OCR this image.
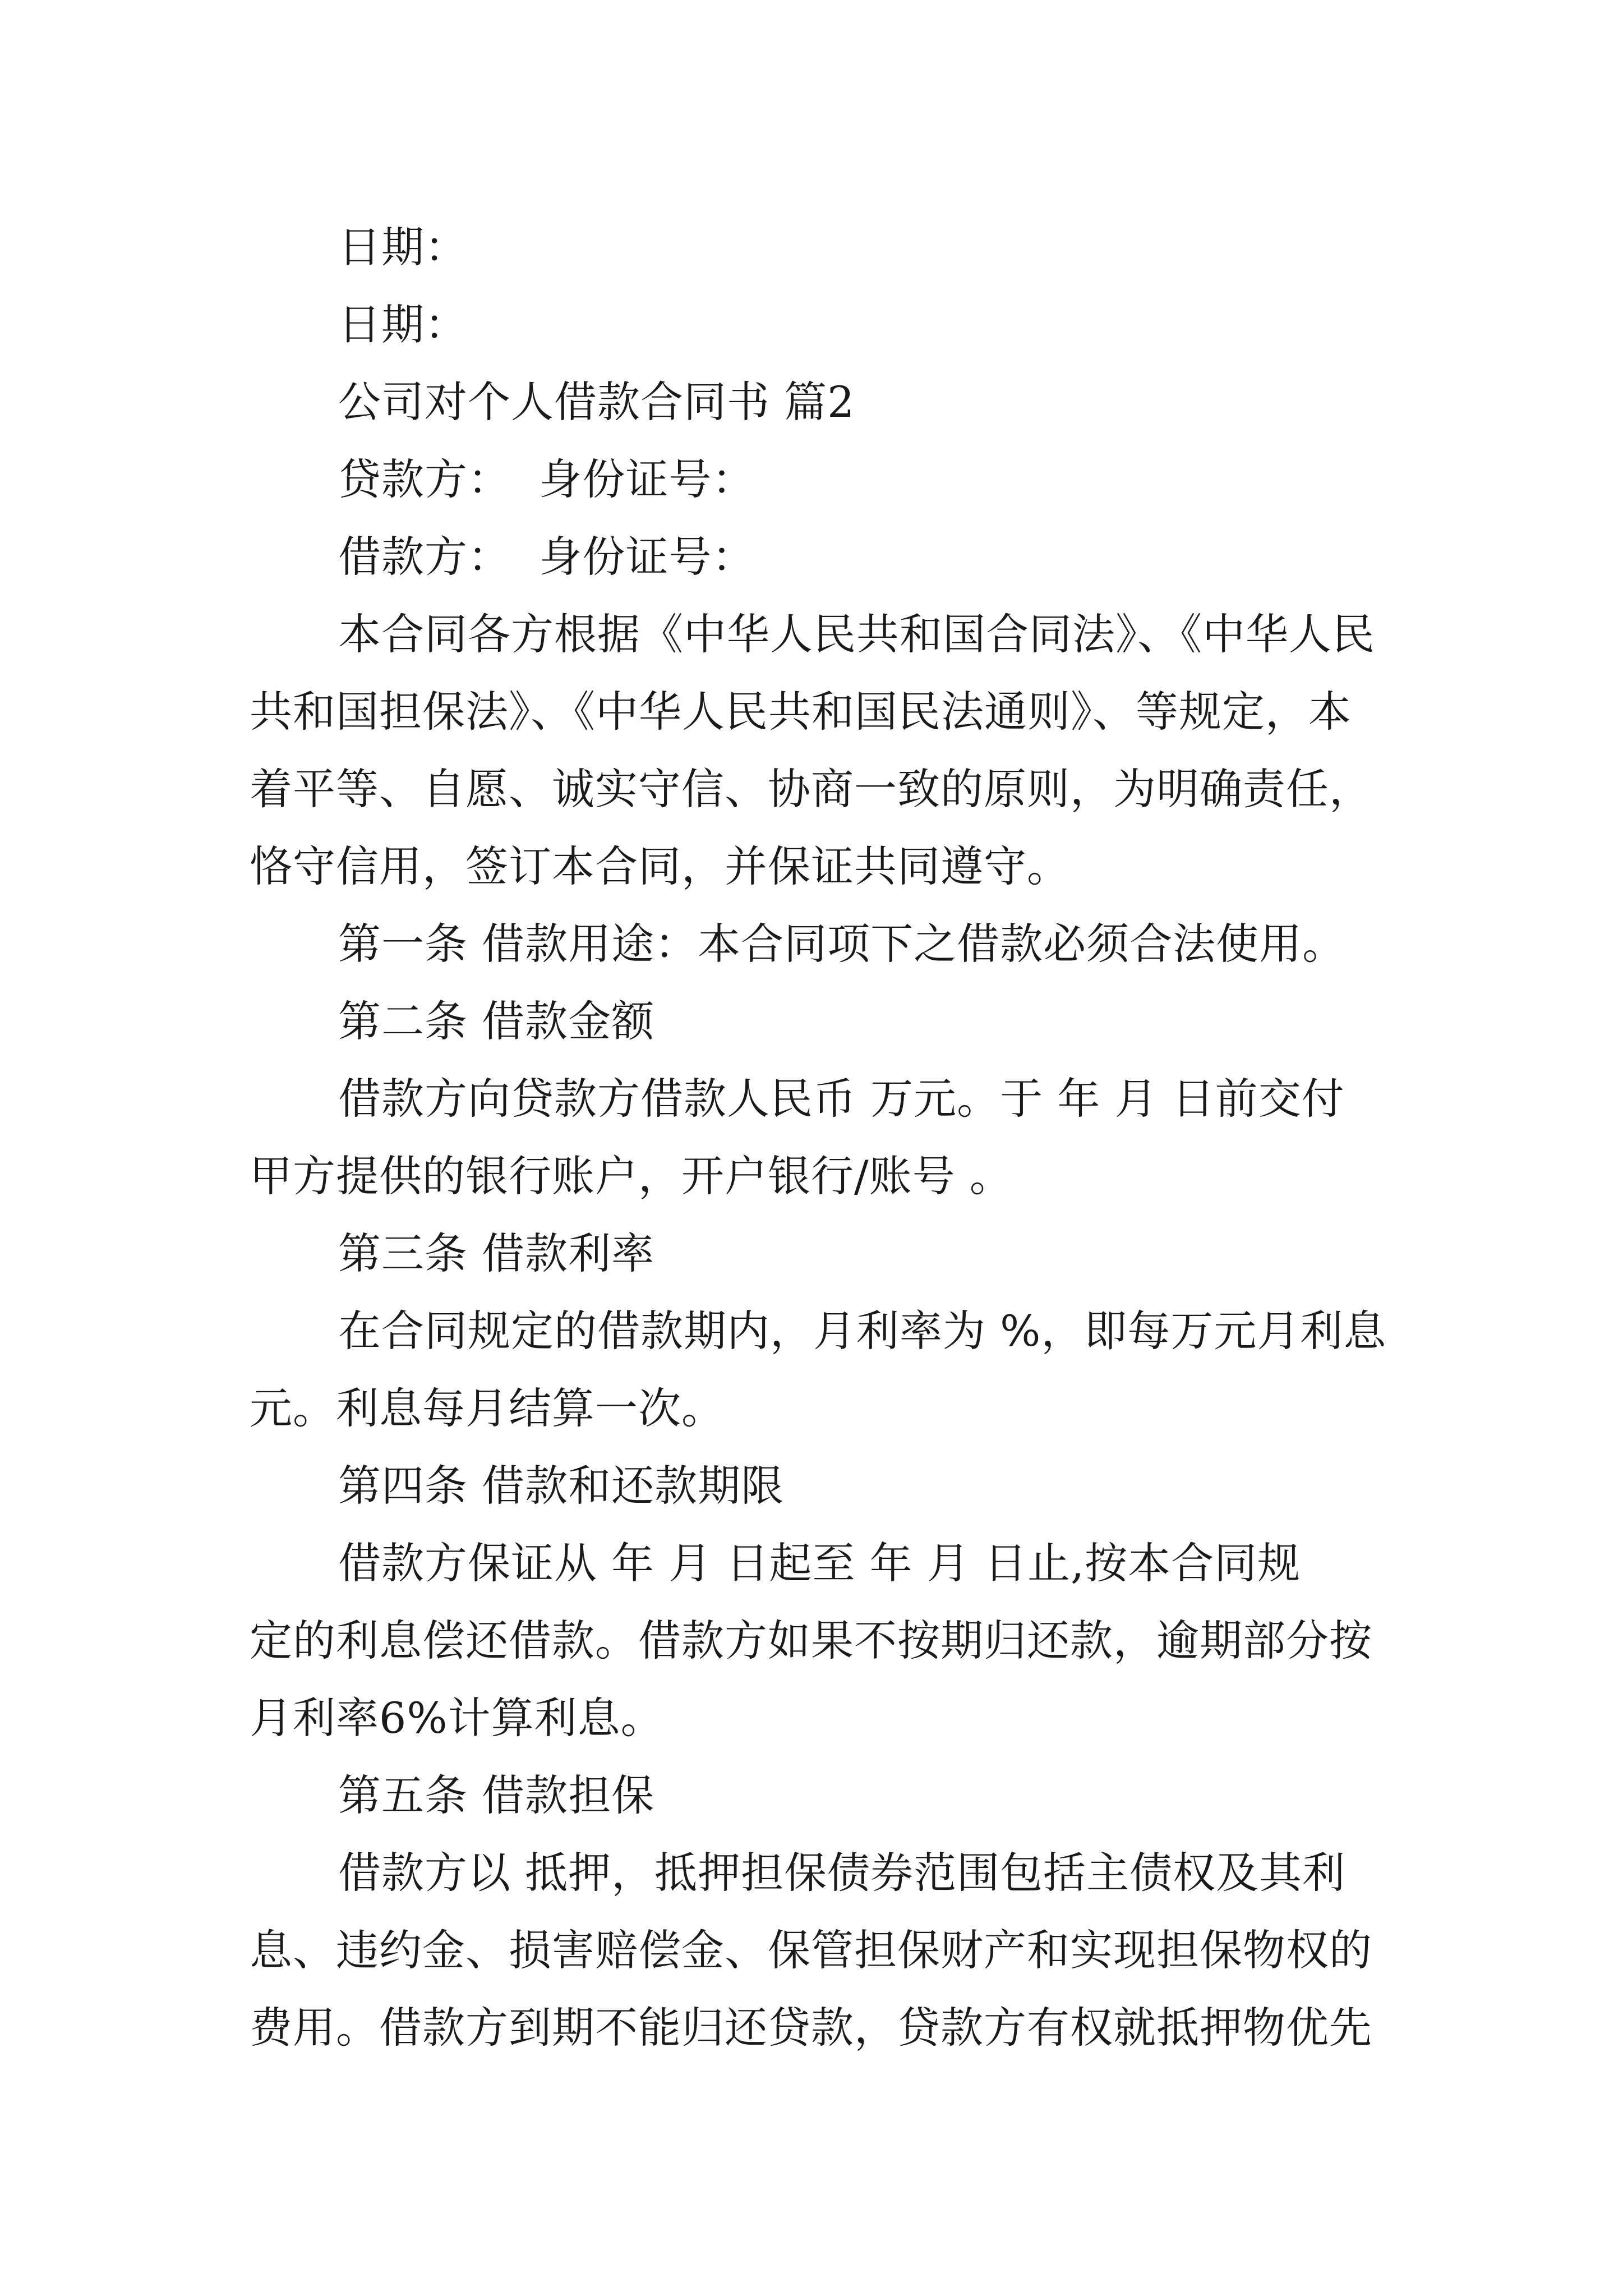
日期：
日期：
公司对个人借款合同书 篇2
贷款方：  身份证号：
借款方：  身份证号：
本合同各方根据《中华人民共和国合同法》、《中华人民
共和国担保法》、《中华人民共和国民法通则》、等规定，本
着平等、自愿、诚实守信、协商一致的原则，为明确责任，
恪守信用，签订本合同，并保证共同遵守。
第一条 借款用途：本合同项下之借款必须合法使用。
第二条 借款金额
借款方向贷款方借款人民币 万元。于 年 月 日前交付
甲方提供的银行账户，开户银行/账号 。
第三条 借款利率
在合同规定的借款期内，月利率为 %，即每万元月利息
元。利息每月结算一次。
第四条 借款和还款期限
借款方保证从 年 月 日起至 年 月 日止,按本合同规
定的利息偿还借款。借款方如果不按期归还款，逾期部分按
月利率6%计算利息。
第五条 借款担保
借款方以 抵押，抵押担保债券范围包括主债权及其利
息、违约金、损害赔偿金、保管担保财产和实现担保物权的
费用。借款方到期不能归还贷款，贷款方有权就抵押物优先
